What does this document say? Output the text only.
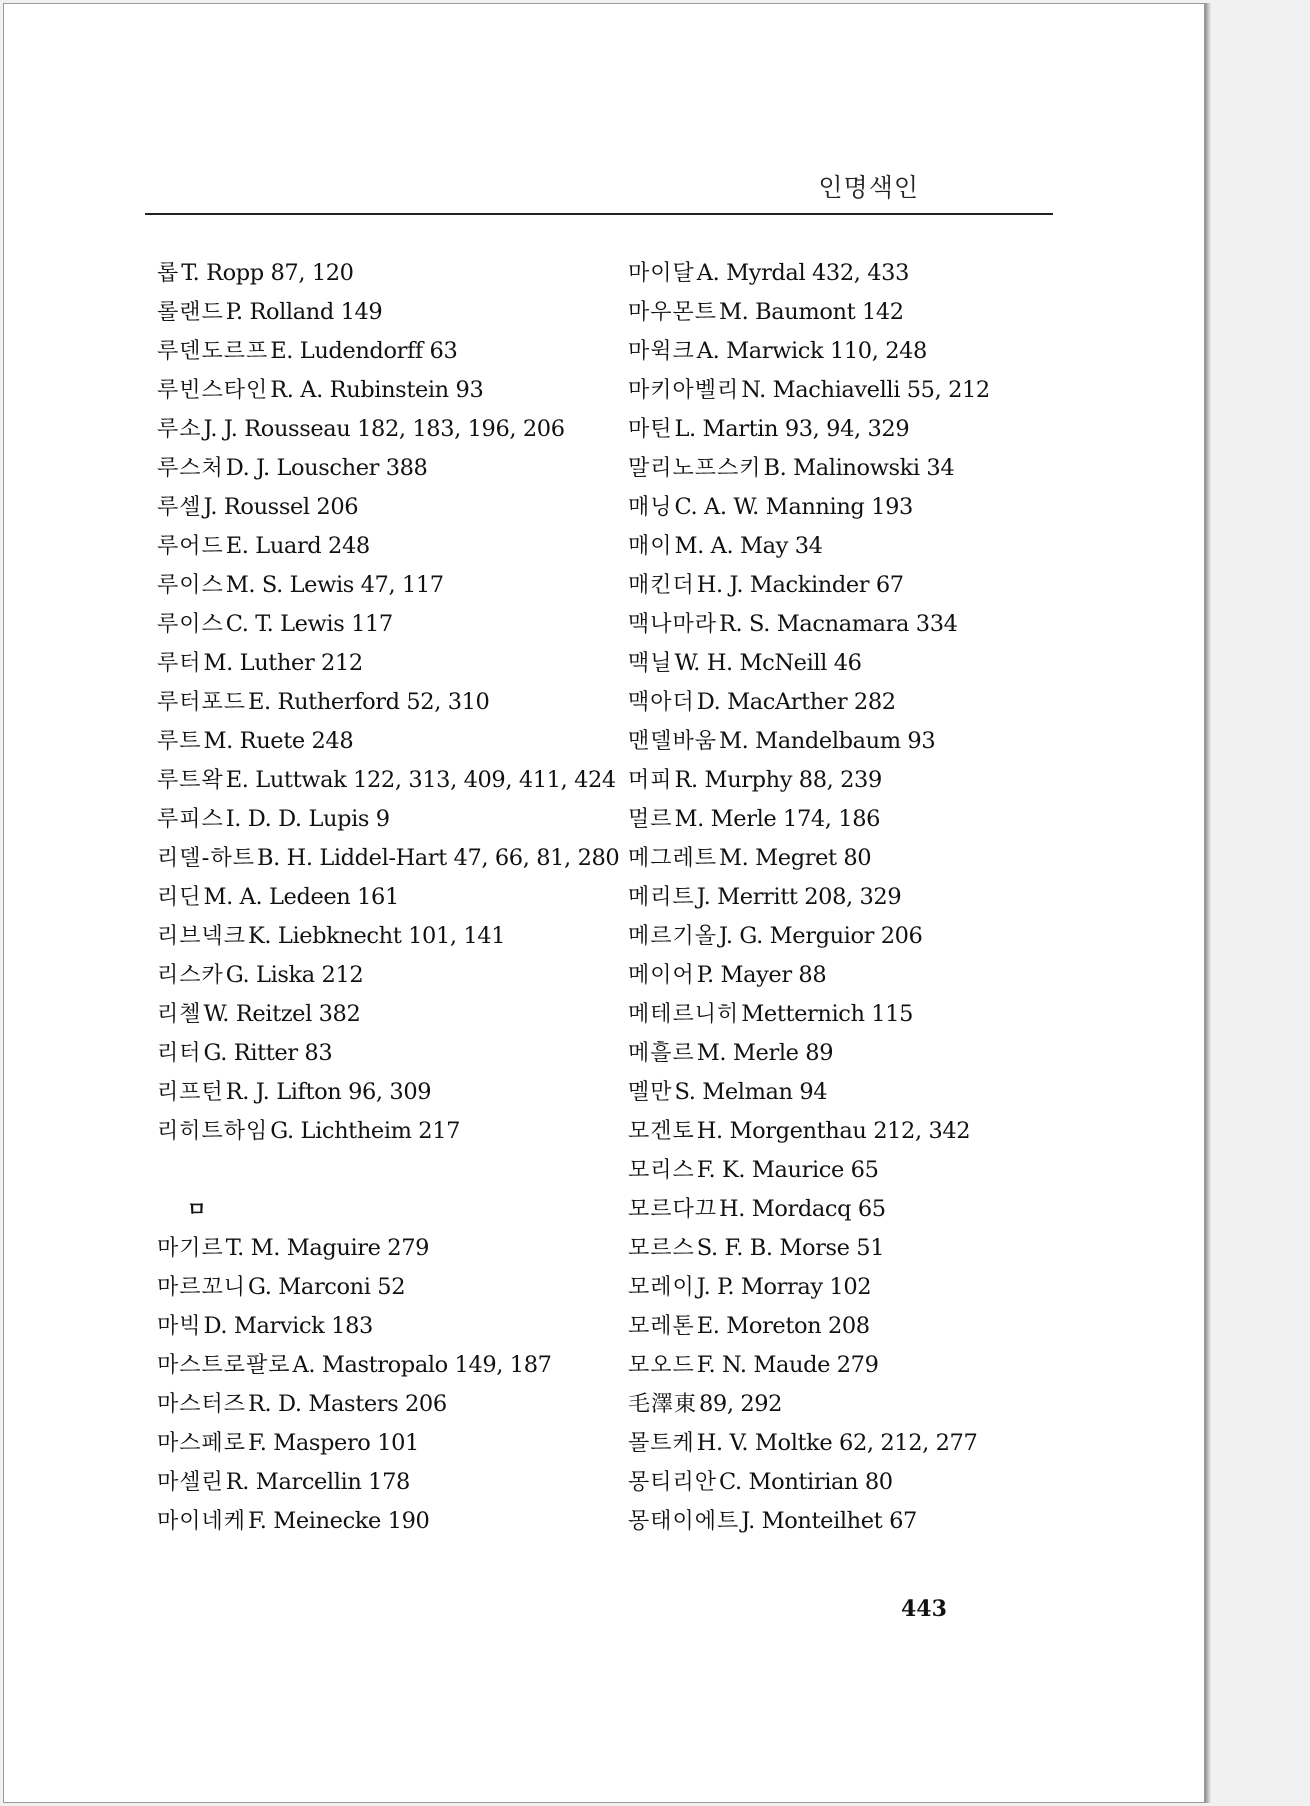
인명색인
롭T. Ropp 87, 120
롤랜드P. Rolland 149
루덴도르프E. Ludendorff 63
루빈스타인R. A. Rubinstein 93
루소J. J. Rousseau 182, 183, 196, 206
루스처D. J. Louscher 388
루셀J. Roussel 206
루어드E. Luard 248
루이스M. S. Lewis 47, 117
루이스C. T. Lewis 117
루터M. Luther 212
루터포드E. Rutherford 52, 310
루트M. Ruete 248
루트왁E. Luttwak 122, 313, 409, 411, 424
루피스I. D. D. Lupis 9
리델-하트B. H. Liddel-Hart 47, 66, 81, 280
리딘M. A. Ledeen 161
리브넥크K. Liebknecht 101, 141
리스카G. Liska 212
리첼W. Reitzel 382
리터G. Ritter 83
리프턴R. J. Lifton 96, 309
리히트하임G. Lichtheim 217
ㅁ
마기르T. M. Maguire 279
마르꼬니G. Marconi 52
마빅D. Marvick 183
마스트로팔로A. Mastropalo 149, 187
마스터즈R. D. Masters 206
마스페로F. Maspero 101
마셀린R. Marcellin 178
마이네케F. Meinecke 190
마이달A. Myrdal 432, 433
마우몬트M. Baumont 142
마윅크A. Marwick 110, 248
마키아벨리N. Machiavelli 55, 212
마틴L. Martin 93, 94, 329
말리노프스키B. Malinowski 34
매닝C. A. W. Manning 193
매이M. A. May 34
매킨더H. J. Mackinder 67
맥나마라R. S. Macnamara 334
맥닐W. H. McNeill 46
맥아더D. MacArther 282
맨델바움M. Mandelbaum 93
머피R. Murphy 88, 239
멀르M. Merle 174, 186
메그레트M. Megret 80
메리트J. Merritt 208, 329
메르기올J. G. Merguior 206
메이어P. Mayer 88
메테르니히Metternich 115
메흘르M. Merle 89
멜만S. Melman 94
모겐토H. Morgenthau 212, 342
모리스F. K. Maurice 65
모르다끄H. Mordacq 65
모르스S. F. B. Morse 51
모레이J. P. Morray 102
모레톤E. Moreton 208
모오드F. N. Maude 279
毛澤東89, 292
몰트케H. V. Moltke 62, 212, 277
몽티리안C. Montirian 80
몽태이에트J. Monteilhet 67
443
